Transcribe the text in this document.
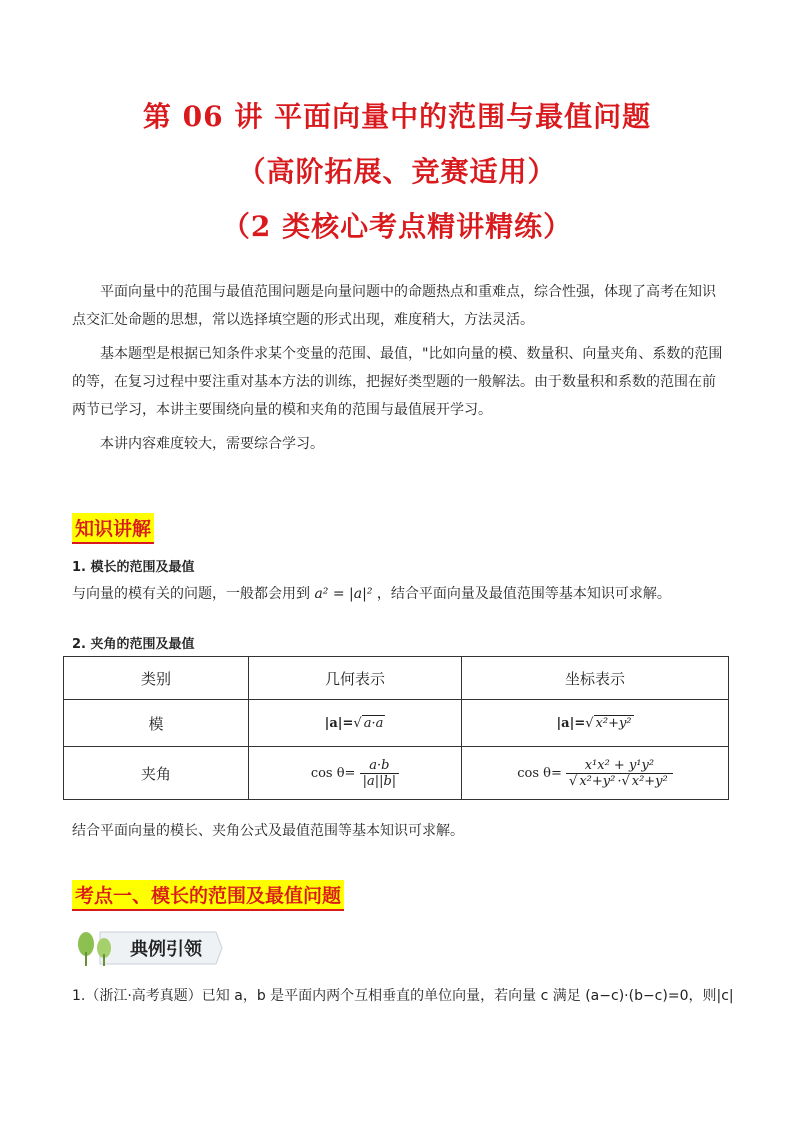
第 06 讲 平面向量中的范围与最值问题
（高阶拓展、竞赛适用）
（2 类核心考点精讲精练）
平面向量中的范围与最值范围问题是向量问题中的命题热点和重难点，综合性强，体现了高考在知识点交汇处命题的思想，常以选择填空题的形式出现，难度稍大，方法灵活。
基本题型是根据已知条件求某个变量的范围、最值，"比如向量的模、数量积、向量夹角、系数的范围的等，在复习过程中要注重对基本方法的训练，把握好类型题的一般解法。由于数量积和系数的范围在前两节已学习，本讲主要围绕向量的模和夹角的范围与最值展开学习。
本讲内容难度较大，需要综合学习。
知识讲解
1. 模长的范围及最值
与向量的模有关的问题，一般都会用到 a² = |a|² ，结合平面向量及最值范围等基本知识可求解。
2. 夹角的范围及最值
类别	几何表示	坐标表示
模	|a|=√ a·a	|a|=√ x²+y²
夹角	$\cos \theta= \frac{a\cdot b}{|a||b|}$	$\cos \theta= \frac{\text{x¹x² + y¹y²}}{\text{√ x²+y² ·√ x²+y²}}$
结合平面向量的模长、夹角公式及最值范围等基本知识可求解。
考点一、模长的范围及最值问题
典例引领
1.（浙江·高考真题）已知 a，b 是平面内两个互相垂直的单位向量，若向量 c 满足 (a−c)·(b−c)=0，则|c|
